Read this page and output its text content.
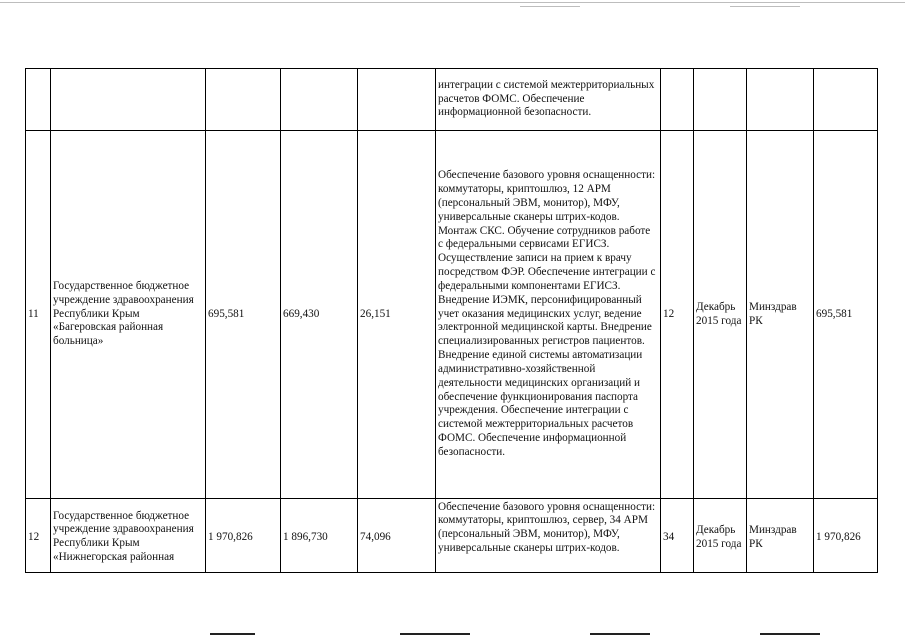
					интеграции с системой межтерриториальных расчетов ФОМС. Обеспечение информационной безопасности.				
11	Государственное бюджетное учреждение здравоохранения Республики Крым «Багеровская районная больница»	695,581	669,430	26,151	Обеспечение базового уровня оснащенности: коммутаторы, криптошлюз, 12 АРМ (персональный ЭВМ, монитор), МФУ, универсальные сканеры штрих-кодов. Монтаж СКС. Обучение сотрудников работе с федеральными сервисами ЕГИСЗ. Осуществление записи на прием к врачу посредством ФЭР. Обеспечение интеграции с федеральными компонентами ЕГИСЗ. Внедрение ИЭМК, персонифицированный учет оказания медицинских услуг, ведение электронной медицинской карты. Внедрение специализированных регистров пациентов. Внедрение единой системы автоматизации административно-хозяйственной деятельности медицинских организаций и обеспечение функционирования паспорта учреждения. Обеспечение интеграции с системой межтерриториальных расчетов ФОМС. Обеспечение информационной безопасности.	12	Декабрь 2015 года	Минздрав РК	695,581

12	Государственное бюджетное учреждение здравоохранения Республики Крым «Нижнегорская районная	1 970,826	1 896,730	74,096	Обеспечение базового уровня оснащенности: коммутаторы, криптошлюз, сервер, 34 АРМ (персональный ЭВМ, монитор), МФУ, универсальные сканеры штрих-кодов.	34	Декабрь 2015 года	Минздрав РК	1 970,826
